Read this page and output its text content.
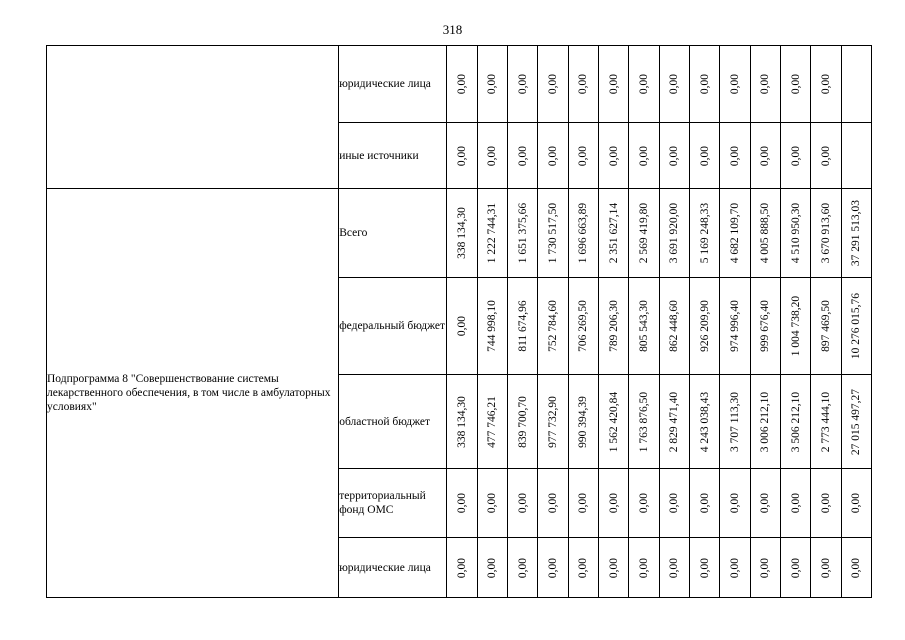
318
	юридические лица	0,00	0,00	0,00	0,00	0,00	0,00	0,00	0,00	0,00	0,00	0,00	0,00	0,00	

	иные источники	0,00	0,00	0,00	0,00	0,00	0,00	0,00	0,00	0,00	0,00	0,00	0,00	0,00	

Подпрограмма 8 "Совершенствование системы лекарственного обеспечения, в том числе в амбулаторных условиях"	Всего	338 134,30	1 222 744,31	1 651 375,66	1 730 517,50	1 696 663,89	2 351 627,14	2 569 419,80	3 691 920,00	5 169 248,33	4 682 109,70	4 005 888,50	4 510 950,30	3 670 913,60	37 291 513,03

	федеральный бюджет	0,00	744 998,10	811 674,96	752 784,60	706 269,50	789 206,30	805 543,30	862 448,60	926 209,90	974 996,40	999 676,40	1 004 738,20	897 469,50	10 276 015,76

	областной бюджет	338 134,30	477 746,21	839 700,70	977 732,90	990 394,39	1 562 420,84	1 763 876,50	2 829 471,40	4 243 038,43	3 707 113,30	3 006 212,10	3 506 212,10	2 773 444,10	27 015 497,27

	территориальный фонд ОМС	0,00	0,00	0,00	0,00	0,00	0,00	0,00	0,00	0,00	0,00	0,00	0,00	0,00	0,00

	юридические лица	0,00	0,00	0,00	0,00	0,00	0,00	0,00	0,00	0,00	0,00	0,00	0,00	0,00	0,00
